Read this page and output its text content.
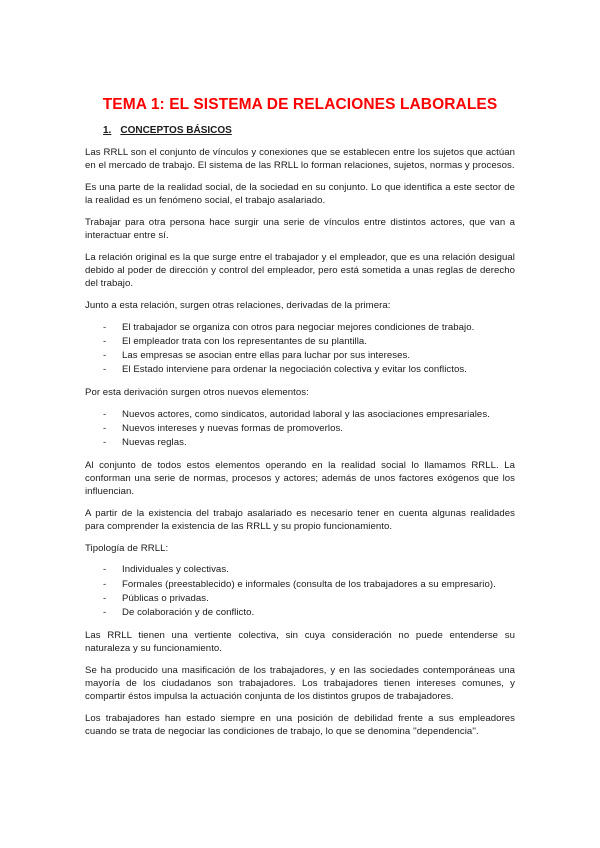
TEMA 1: EL SISTEMA DE RELACIONES LABORALES
1. CONCEPTOS BÁSICOS

Las RRLL son el conjunto de vínculos y conexiones que se establecen entre los sujetos que actúan en el mercado de trabajo. El sistema de las RRLL lo forman relaciones, sujetos, normas y procesos.

Es una parte de la realidad social, de la sociedad en su conjunto. Lo que identifica a este sector de la realidad es un fenómeno social, el trabajo asalariado.

Trabajar para otra persona hace surgir una serie de vínculos entre distintos actores, que van a interactuar entre sí.

La relación original es la que surge entre el trabajador y el empleador, que es una relación desigual debido al poder de dirección y control del empleador, pero está sometida a unas reglas de derecho del trabajo.

Junto a esta relación, surgen otras relaciones, derivadas de la primera:

- El trabajador se organiza con otros para negociar mejores condiciones de trabajo.
- El empleador trata con los representantes de su plantilla.
- Las empresas se asocian entre ellas para luchar por sus intereses.
- El Estado interviene para ordenar la negociación colectiva y evitar los conflictos.

Por esta derivación surgen otros nuevos elementos:

- Nuevos actores, como sindicatos, autoridad laboral y las asociaciones empresariales.
- Nuevos intereses y nuevas formas de promoverlos.
- Nuevas reglas.

Al conjunto de todos estos elementos operando en la realidad social lo llamamos RRLL. La conforman una serie de normas, procesos y actores; además de unos factores exógenos que los influencian.

A partir de la existencia del trabajo asalariado es necesario tener en cuenta algunas realidades para comprender la existencia de las RRLL y su propio funcionamiento.

Tipología de RRLL:

- Individuales y colectivas.
- Formales (preestablecido) e informales (consulta de los trabajadores a su empresario).
- Públicas o privadas.
- De colaboración y de conflicto.

Las RRLL tienen una vertiente colectiva, sin cuya consideración no puede entenderse su naturaleza y su funcionamiento.

Se ha producido una masificación de los trabajadores, y en las sociedades contemporáneas una mayoría de los ciudadanos son trabajadores. Los trabajadores tienen intereses comunes, y compartir éstos impulsa la actuación conjunta de los distintos grupos de trabajadores.

Los trabajadores han estado siempre en una posición de debilidad frente a sus empleadores cuando se trata de negociar las condiciones de trabajo, lo que se denomina ''dependencia''.
